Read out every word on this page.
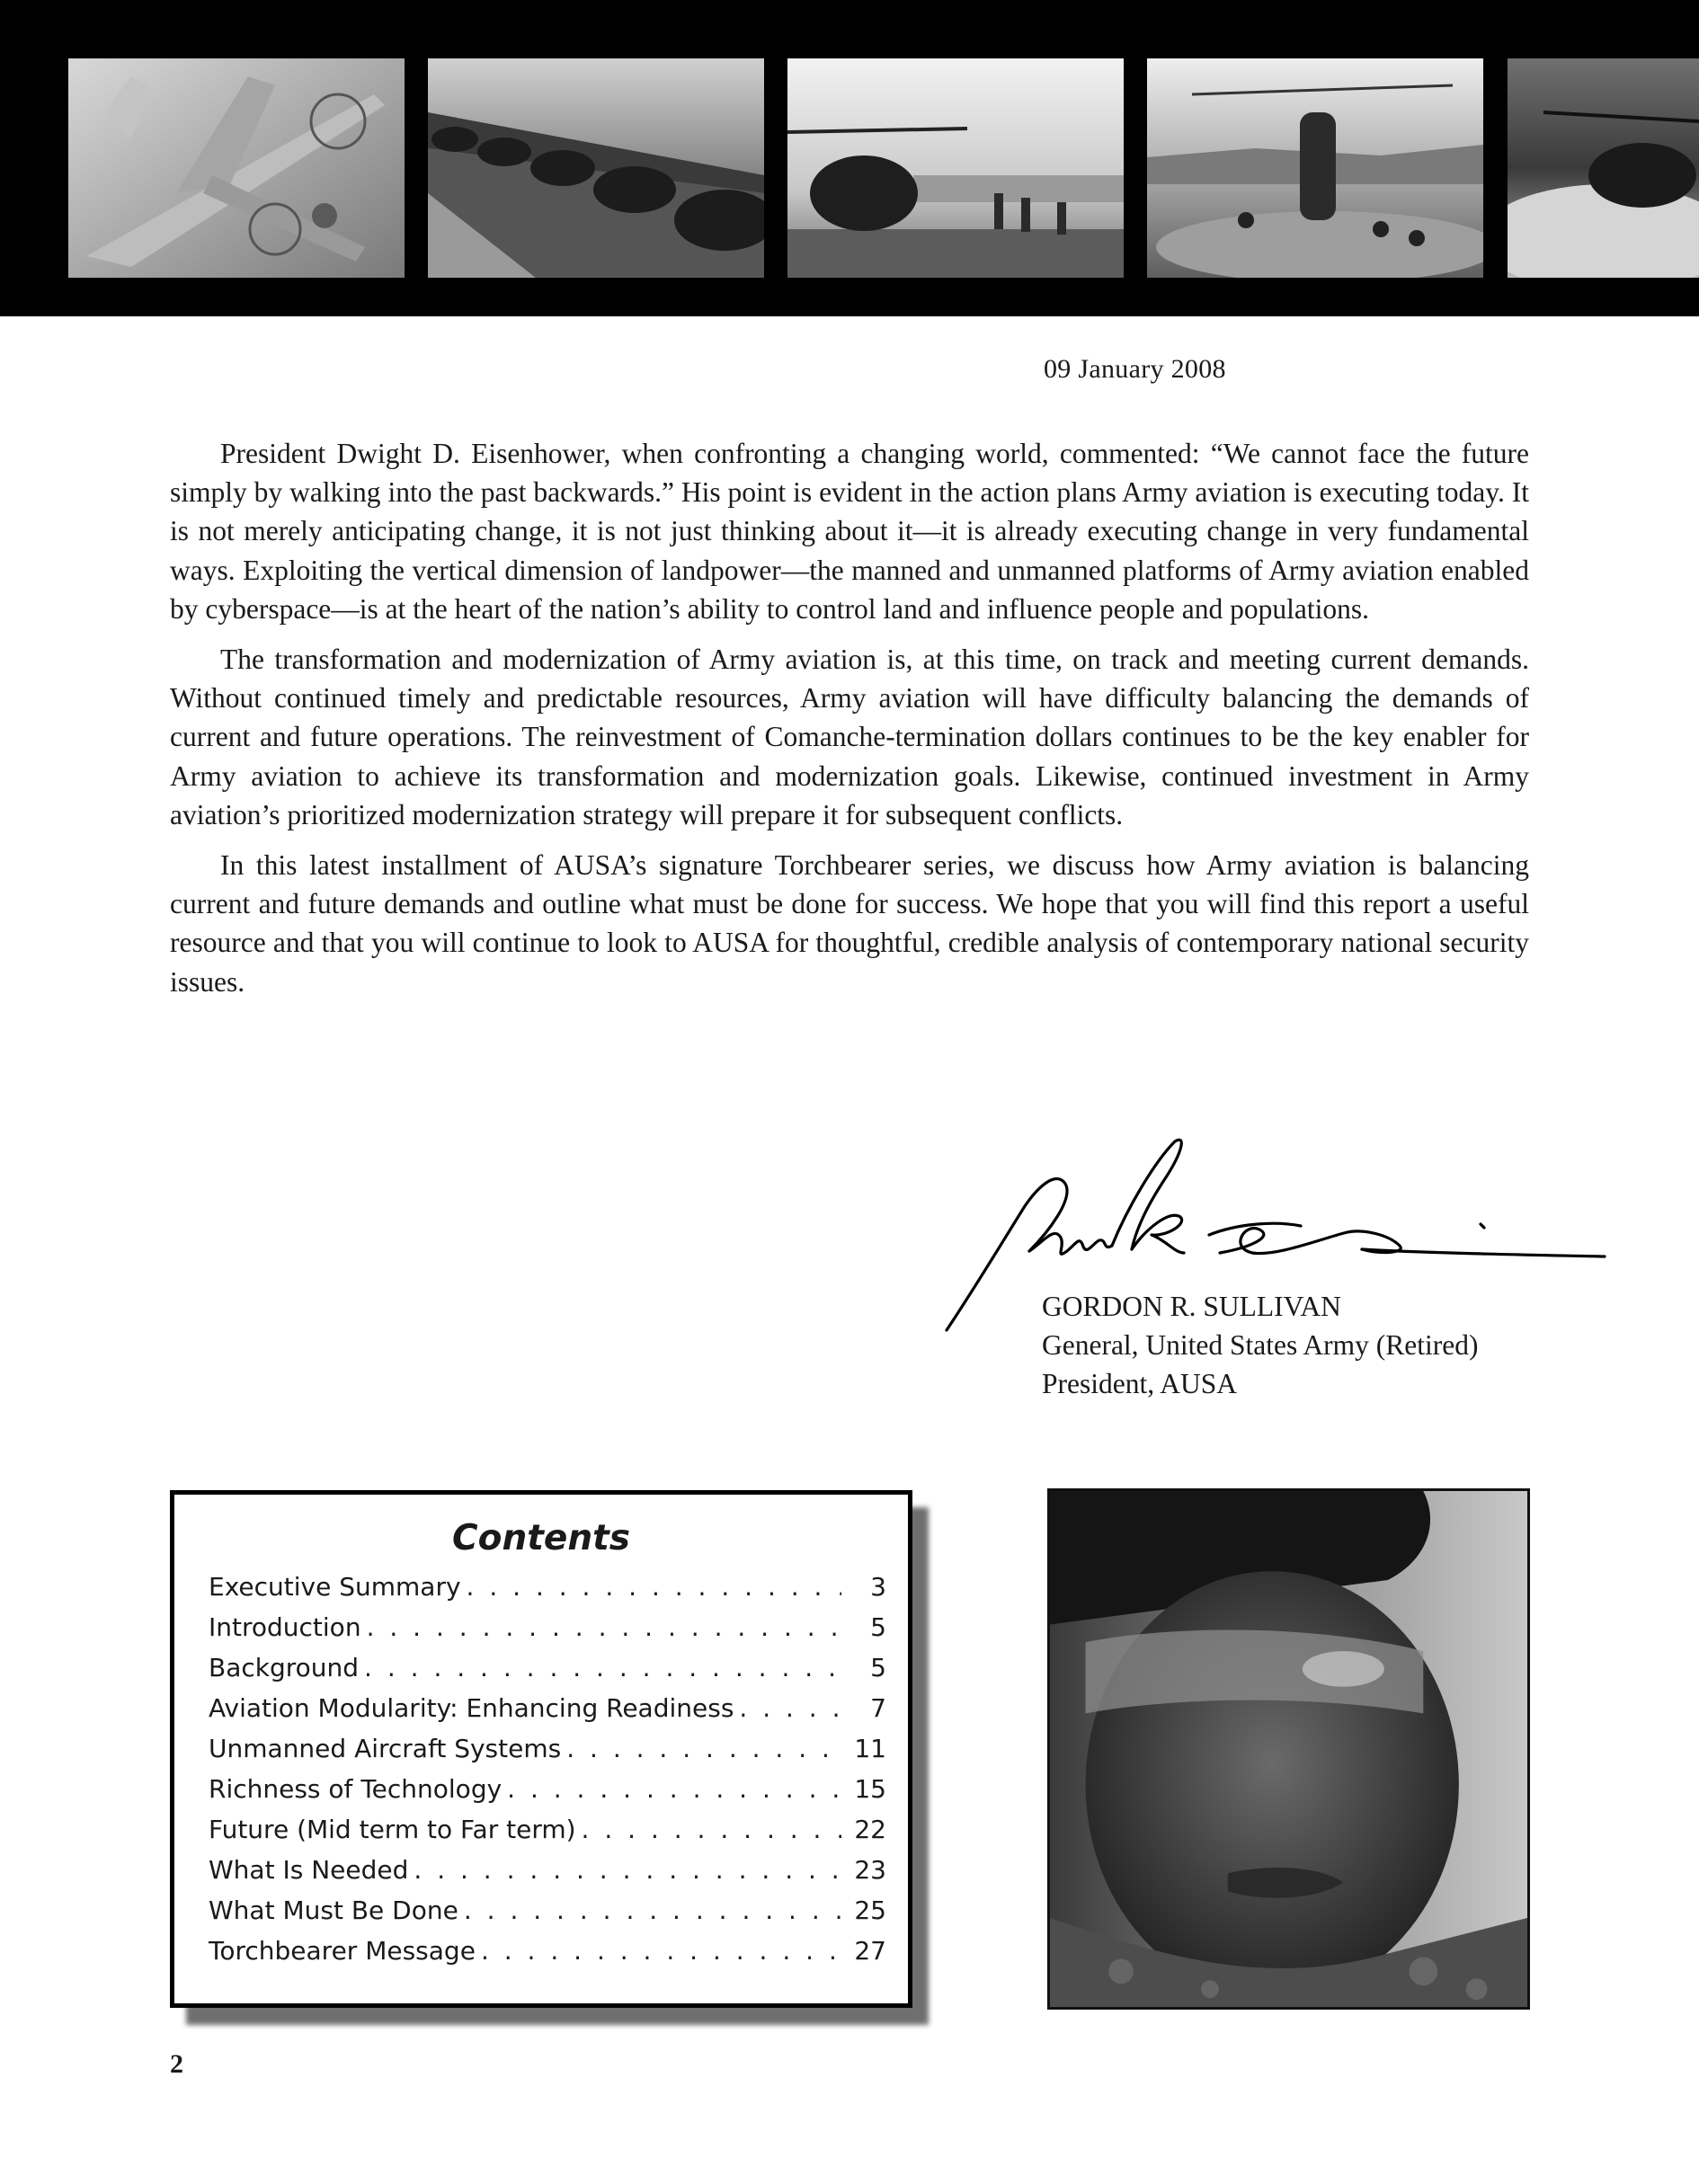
09 January 2008

President Dwight D. Eisenhower, when confronting a changing world, commented: “We cannot face the future simply by walking into the past backwards.” His point is evident in the action plans Army aviation is executing today. It is not merely anticipating change, it is not just thinking about it—it is already executing change in very fundamental ways. Exploiting the vertical dimension of landpower—the manned and unmanned platforms of Army aviation enabled by cyberspace—is at the heart of the nation’s ability to control land and influence people and populations.

The transformation and modernization of Army aviation is, at this time, on track and meeting current demands. Without continued timely and predictable resources, Army aviation will have difficulty balancing the demands of current and future operations. The reinvestment of Comanche-termination dollars continues to be the key enabler for Army aviation to achieve its transformation and modernization goals. Likewise, continued investment in Army aviation’s prioritized modernization strategy will prepare it for subsequent conflicts.

In this latest installment of AUSA’s signature Torchbearer series, we discuss how Army aviation is balancing current and future demands and outline what must be done for success. We hope that you will find this report a useful resource and that you will continue to look to AUSA for thoughtful, credible analysis of contemporary national security issues.

GORDON R. SULLIVAN
General, United States Army (Retired)
President, AUSA
Contents
Executive Summary . . .	3
Introduction . . .	5
Background . . .	5
Aviation Modularity: Enhancing Readiness . . .	7
Unmanned Aircraft Systems . . .	11
Richness of Technology . . .	15
Future (Mid term to Far term) . . .	22
What Is Needed . . .	23
What Must Be Done . . .	25
Torchbearer Message . . .	27
2
